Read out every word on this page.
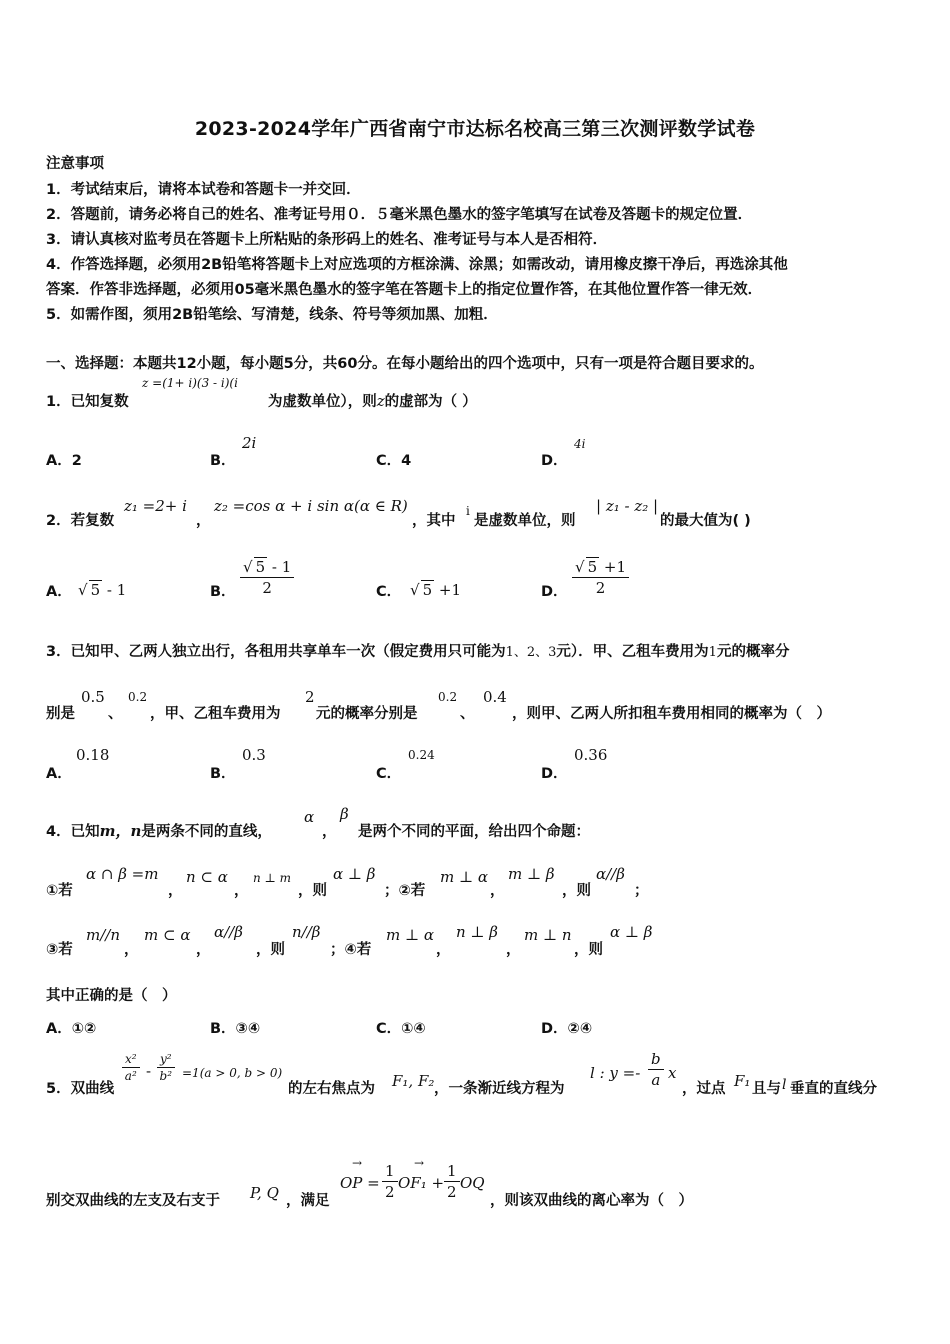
2023-2024学年广西省南宁市达标名校高三第三次测评数学试卷
注意事项
1．考试结束后，请将本试卷和答题卡一并交回．
2．答题前，请务必将自己的姓名、准考证号用０．５毫米黑色墨水的签字笔填写在试卷及答题卡的规定位置．
3．请认真核对监考员在答题卡上所粘贴的条形码上的姓名、准考证号与本人是否相符．
4．作答选择题，必须用2B铅笔将答题卡上对应选项的方框涂满、涂黑；如需改动，请用橡皮擦干净后，再选涂其他
答案．作答非选择题，必须用05毫米黑色墨水的签字笔在答题卡上的指定位置作答，在其他位置作答一律无效．
5．如需作图，须用2B铅笔绘、写清楚，线条、符号等须加黑、加粗．
一、选择题：本题共12小题，每小题5分，共60分。在每小题给出的四个选项中，只有一项是符合题目要求的。
1．已知复数
z =(1+ i)(3 - i)(i
为虚数单位），则z的虚部为（ ）
A．2	B．
2i
C．4	D．
4i
2．若复数
z₁ =2+ i
，
z₂ =cos α + i sin α(α ∈ R)
，其中
i
是虚数单位，则
| z₁ - z₂ |
的最大值为( )
A． √ 5 - 1	B． $\frac{√ 5 - 1}{2}$	C． √ 5 +1	D． $\frac{√ 5 +1}{2}$
3．已知甲、乙两人独立出行，各租用共享单车一次（假定费用只可能为1、2、3元）．甲、乙租车费用为1元的概率分
别是
0.5
、
0.2
，甲、乙租车费用为
2
元的概率分别是
0.2
、
0.4
，则甲、乙两人所扣租车费用相同的概率为（　）
A．
0.18
B．
0.3
C．
0.24
D．
0.36
4．已知m，n是两条不同的直线，
α
，
β
是两个不同的平面，给出四个命题：
①若
α ∩ β =m
，
n ⊂ α
，
n ⊥ m
，则
α ⊥ β
；②若
m ⊥ α
，
m ⊥ β
，则
α//β
；
③若
m//n
，
m ⊂ α
，
α//β
，则
n//β
；④若
m ⊥ α
，
n ⊥ β
，
m ⊥ n
，则
α ⊥ β
其中正确的是（　）
A．①②	B．③④	C．①④	D．②④
5．双曲线
$\frac{\text{x²}}{\text{a²}} - \frac{\text{y²}}{\text{b²}} =1(a > 0$, b > 0)
的左右焦点为 F₁, F₂ ，一条渐近线方程为
l : $y =- \frac{b}{a}$ x
，过点 F₁ 且与 l 垂直的直线分
别交双曲线的左支及右支于 P, Q ，满足
→
OP = $\frac{1}{2}$ →
$OF_1 + \frac{1}{2}$ OQ
，则该双曲线的离心率为（　）
